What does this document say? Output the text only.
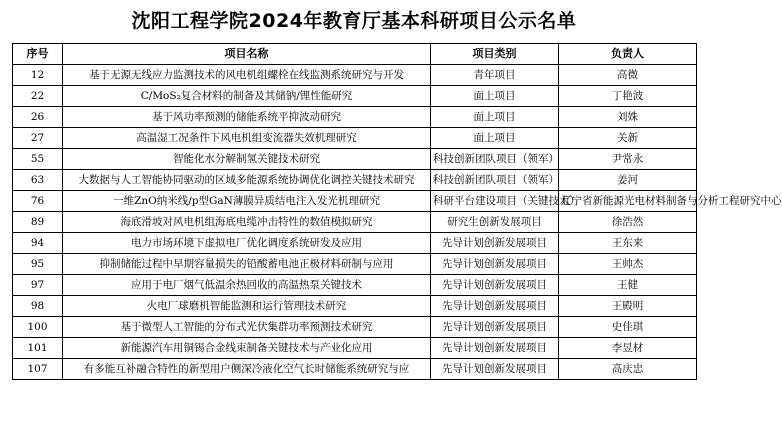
沈阳工程学院2024年教育厅基本科研项目公示名单
序号	项目名称	项目类别	负责人
12	基于无源无线应力监测技术的风电机组螺栓在线监测系统研究与开发	青年项目	高微
22	C/MoS₂复合材料的制备及其储钠/锂性能研究	面上项目	丁艳波
26	基于风功率预测的储能系统平抑波动研究	面上项目	刘姝
27	高温湿工况条件下风电机组变流器失效机理研究	面上项目	关新
55	智能化水分解制氢关键技术研究	科技创新团队项目（领军）	尹常永
63	大数据与人工智能协同驱动的区域多能源系统协调优化调控关键技术研究	科技创新团队项目（领军）	姜河
76	一维ZnO纳米线/p型GaN薄膜异质结电注入发光机理研究	科研平台建设项目（关键技术）	辽宁省新能源光电材料制备与分析工程研究中心
89	海底滑坡对风电机组海底电缆冲击特性的数值模拟研究	研究生创新发展项目	徐浩然
94	电力市场环境下虚拟电厂优化调度系统研发及应用	先导计划创新发展项目	王东来
95	抑制储能过程中早期容量损失的铅酸蓄电池正极材料研制与应用	先导计划创新发展项目	王帅杰
97	应用于电厂烟气低温余热回收的高温热泵关键技术	先导计划创新发展项目	王健
98	火电厂球磨机智能监测和运行管理技术研究	先导计划创新发展项目	王殿明
100	基于微型人工智能的分布式光伏集群功率预测技术研究	先导计划创新发展项目	史佳琪
101	新能源汽车用铜锡合金线束制备关键技术与产业化应用	先导计划创新发展项目	李昱材
107	有多能互补融合特性的新型用户侧深冷液化空气长时储能系统研究与应	先导计划创新发展项目	高庆忠
